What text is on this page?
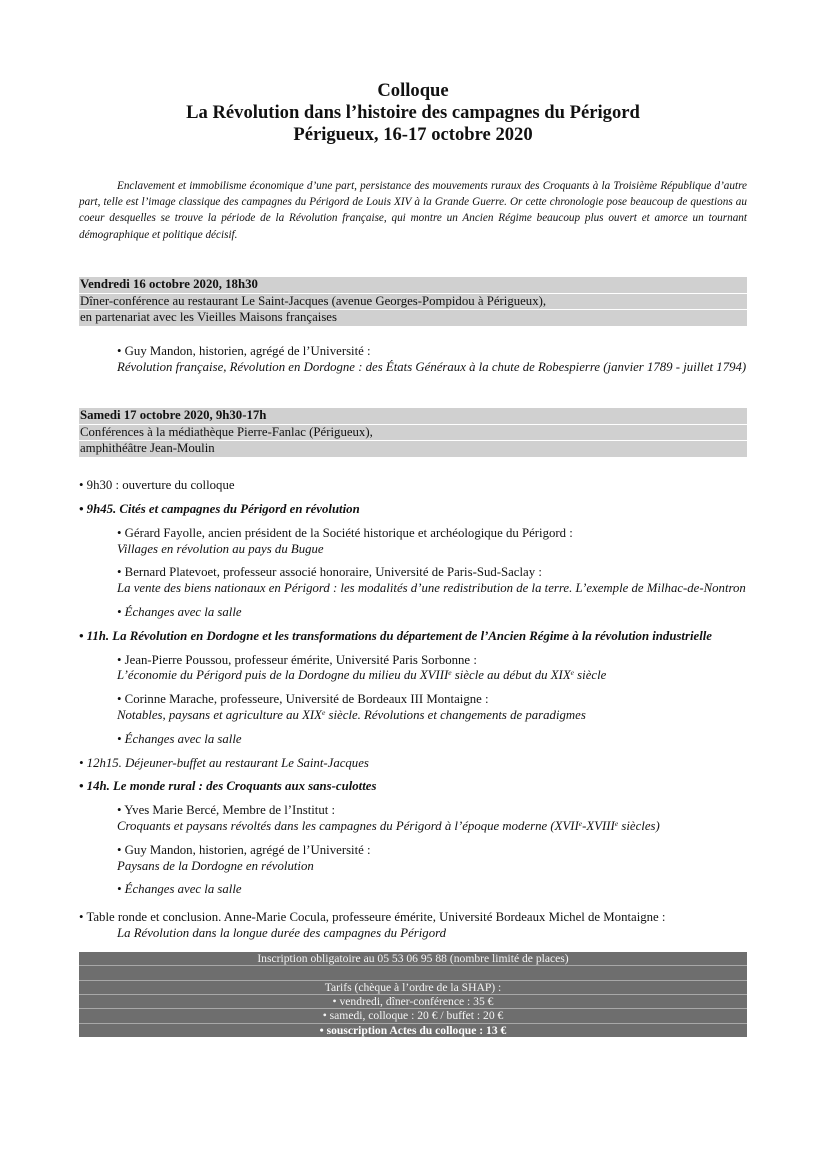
Colloque
La Révolution dans l’histoire des campagnes du Périgord
Périgueux, 16-17 octobre 2020
Enclavement et immobilisme économique d’une part, persistance des mouvements ruraux des Croquants à la Troisième République d’autre part, telle est l’image classique des campagnes du Périgord de Louis XIV à la Grande Guerre. Or cette chronologie pose beaucoup de questions au coeur desquelles se trouve la période de la Révolution française, qui montre un Ancien Régime beaucoup plus ouvert et amorce un tournant démographique et politique décisif.
Vendredi 16 octobre 2020, 18h30
Dîner-conférence au restaurant Le Saint-Jacques (avenue Georges-Pompidou à Périgueux),
en partenariat avec les Vieilles Maisons françaises
• Guy Mandon, historien, agrégé de l’Université :
Révolution française, Révolution en Dordogne : des États Généraux à la chute de Robespierre (janvier 1789 - juillet 1794)
Samedi 17 octobre 2020, 9h30-17h
Conférences à la médiathèque Pierre-Fanlac (Périgueux),
amphithéâtre Jean-Moulin
• 9h30 : ouverture du colloque
• 9h45. Cités et campagnes du Périgord en révolution
• Gérard Fayolle, ancien président de la Société historique et archéologique du Périgord :
Villages en révolution au pays du Bugue
• Bernard Platevoet, professeur associé honoraire, Université de Paris-Sud-Saclay :
La vente des biens nationaux en Périgord : les modalités d’une redistribution de la terre. L’exemple de Milhac-de-Nontron
• Échanges avec la salle
• 11h. La Révolution en Dordogne et les transformations du département de l’Ancien Régime à la révolution industrielle
• Jean-Pierre Poussou, professeur émérite, Université Paris Sorbonne :
L’économie du Périgord puis de la Dordogne du milieu du XVIIIe siècle au début du XIXe siècle
• Corinne Marache, professeure, Université de Bordeaux III Montaigne :
Notables, paysans et agriculture au XIXe siècle. Révolutions et changements de paradigmes
• Échanges avec la salle
• 12h15. Déjeuner-buffet au restaurant Le Saint-Jacques
• 14h. Le monde rural : des Croquants aux sans-culottes
• Yves Marie Bercé, Membre de l’Institut :
Croquants et paysans révoltés dans les campagnes du Périgord à l’époque moderne (XVIIe-XVIIIe siècles)
• Guy Mandon, historien, agrégé de l’Université :
Paysans de la Dordogne en révolution
• Échanges avec la salle
• Table ronde et conclusion. Anne-Marie Cocula, professeure émérite, Université Bordeaux Michel de Montaigne :
La Révolution dans la longue durée des campagnes du Périgord
Inscription obligatoire au 05 53 06 95 88 (nombre limité de places)
Tarifs (chèque à l’ordre de la SHAP) :
• vendredi, dîner-conférence : 35 €
• samedi, colloque : 20 € / buffet : 20 €
• souscription Actes du colloque : 13 €
